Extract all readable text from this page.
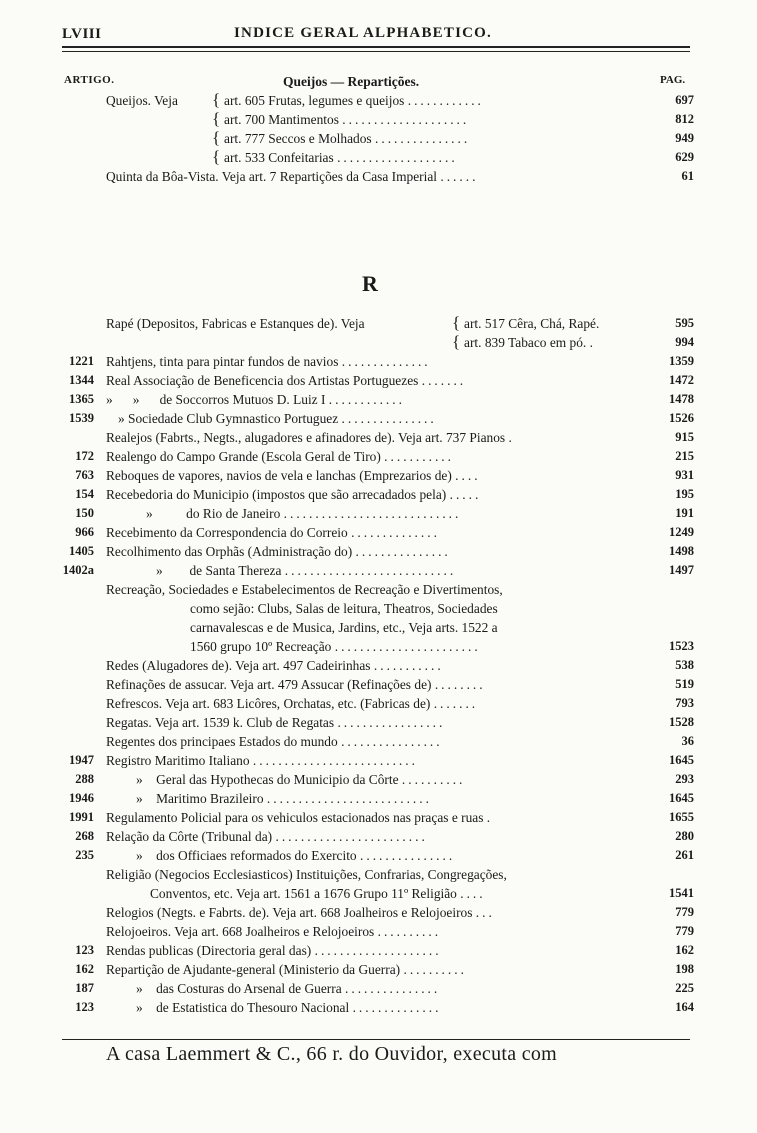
LVIII	INDICE GERAL ALPHABETICO.
ARTIGO.	Queijos — Repartições.	PAG.
Queijos. Veja { art. 605 Frutas, legumes e queijos ............	697
{ art. 700 Mantimentos ....................	812
{ art. 777 Seccos e Molhados ...............	949
{ art. 533 Confeitarias ...................	629
Quinta da Bôa-Vista. Veja art. 7 Repartições da Casa Imperial ......	61
R
Rapé (Depositos, Fabricas e Estanques de). Veja	{ art. 517 Cêra, Chá, Rapé.	595
{ art. 839 Tabaco em pó. .	994
1221 Rahtjens, tinta para pintar fundos de navios ..............	1359
1344 Real Associação de Beneficencia dos Artistas Portuguezes .......	1472
1365 »      »      de Soccorros Mutuos D. Luiz I ............	1478
1539 » Sociedade Club Gymnastico Portuguez ...............	1526
Realejos (Fabrts., Negts., alugadores e afinadores de). Veja art. 737 Pianos .	915
172 Realengo do Campo Grande (Escola Geral de Tiro) ...........	215
763 Reboques de vapores, navios de vela e lanchas (Emprezarios de) ....	931
154 Recebedoria do Municipio (impostos que são arrecadados pela) .....	195
150	»          do Rio de Janeiro ............................	191
966 Recebimento da Correspondencia do Correio ..............	1249
1405 Recolhimento das Orphãs (Administração do) ...............	1498
1402a	»        de Santa Thereza ...........................	1497
Recreação, Sociedades e Estabelecimentos de Recreação e Divertimentos,
como sejão: Clubs, Salas de leitura, Theatros, Sociedades
carnavalescas e de Musica, Jardins, etc., Veja arts. 1522 a
1560 grupo 10º Recreação .......................	1523
Redes (Alugadores de). Veja art. 497 Cadeirinhas ...........	538
Refinações de assucar. Veja art. 479 Assucar (Refinações de) ........	519
Refrescos. Veja art. 683 Licôres, Orchatas, etc. (Fabricas de) .......	793
Regatas. Veja art. 1539 k. Club de Regatas .................	1528
Regentes dos principaes Estados do mundo ................	36
1947 Registro Maritimo Italiano ..........................	1645
288	»    Geral das Hypothecas do Municipio da Côrte ..........	293
1946	»    Maritimo Brazileiro ..........................	1645
1991 Regulamento Policial para os vehiculos estacionados nas praças e ruas .	1655
268 Relação da Côrte (Tribunal da) ........................	280
235	»    dos Officiaes reformados do Exercito ...............	261
Religião (Negocios Ecclesiasticos) Instituições, Confrarias, Congregações,
Conventos, etc. Veja art. 1561 a 1676 Grupo 11º Religião ....	1541
Relogios (Negts. e Fabrts. de). Veja art. 668 Joalheiros e Relojoeiros ...	779
Relojoeiros. Veja art. 668 Joalheiros e Relojoeiros ..........	779
123 Rendas publicas (Directoria geral das) ....................	162
162 Repartição de Ajudante-general (Ministerio da Guerra) ..........	198
187	»    das Costuras do Arsenal de Guerra ...............	225
123	»    de Estatistica do Thesouro Nacional ..............	164
A casa Laemmert & C., 66 r. do Ouvidor, executa com
